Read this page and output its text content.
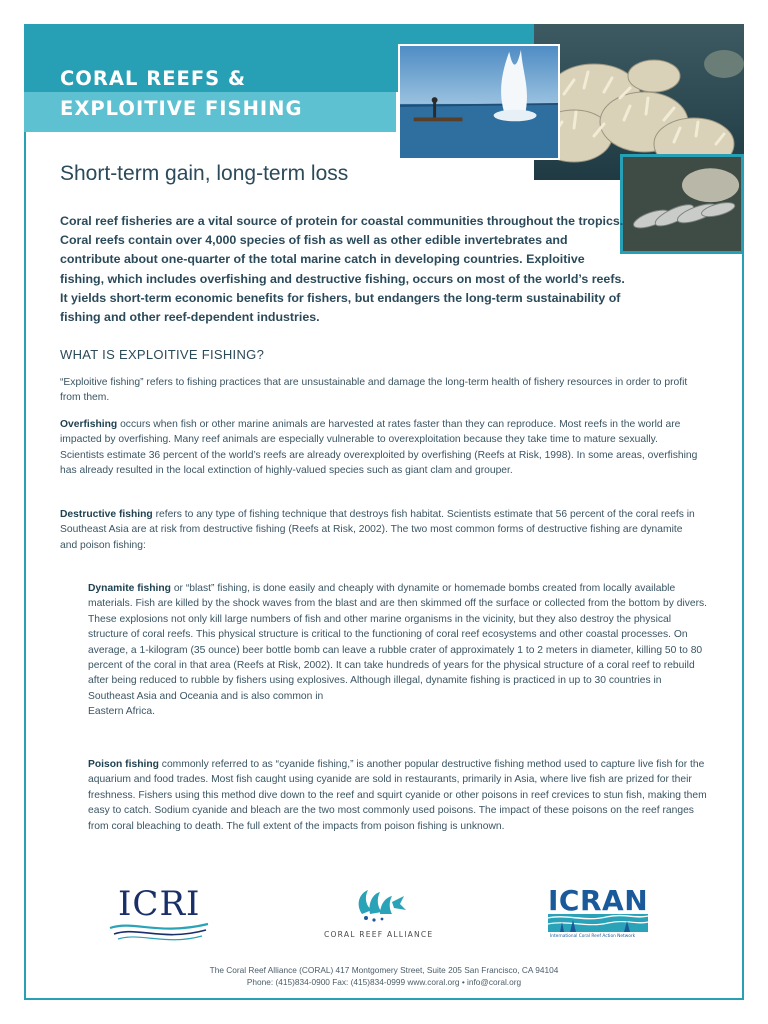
CORAL REEFS &
EXPLOITIVE FISHING
Short-term gain, long-term loss

Coral reef fisheries are a vital source of protein for coastal communities throughout the tropics. Coral reefs contain over 4,000 species of fish as well as other edible invertebrates and contribute about one-quarter of the total marine catch in developing countries. Exploitive fishing, which includes overfishing and destructive fishing, occurs on most of the world’s reefs. It yields short-term economic benefits for fishers, but endangers the long-term sustainability of fishing and other reef-dependent industries.

WHAT IS EXPLOITIVE FISHING?

“Exploitive fishing” refers to fishing practices that are unsustainable and damage the long-term health of fishery resources in order to profit from them.

Overfishing occurs when fish or other marine animals are harvested at rates faster than they can reproduce. Most reefs in the world are impacted by overfishing. Many reef animals are especially vulnerable to overexploitation because they take time to mature sexually. Scientists estimate 36 percent of the world’s reefs are already overexploited by overfishing (Reefs at Risk, 1998). In some areas, overfishing has already resulted in the local extinction of highly-valued species such as giant clam and grouper.

Destructive fishing refers to any type of fishing technique that destroys fish habitat. Scientists estimate that 56 percent of the coral reefs in Southeast Asia are at risk from destructive fishing (Reefs at Risk, 2002). The two most common forms of destructive fishing are dynamite and poison fishing:

Dynamite fishing or “blast” fishing, is done easily and cheaply with dynamite or homemade bombs created from locally available materials. Fish are killed by the shock waves from the blast and are then skimmed off the surface or collected from the bottom by divers. These explosions not only kill large numbers of fish and other marine organisms in the vicinity, but they also destroy the physical structure of coral reefs. This physical structure is critical to the functioning of coral reef ecosystems and other coastal processes. On average, a 1-kilogram (35 ounce) beer bottle bomb can leave a rubble crater of approximately 1 to 2 meters in diameter, killing 50 to 80 percent of the coral in that area (Reefs at Risk, 2002). It can take hundreds of years for the physical structure of a coral reef to rebuild after being reduced to rubble by fishers using explosives. Although illegal, dynamite fishing is practiced in up to 30 countries in Southeast Asia and Oceania and is also common in
Eastern Africa.

Poison fishing commonly referred to as “cyanide fishing,” is another popular destructive fishing method used to capture live fish for the aquarium and food trades. Most fish caught using cyanide are sold in restaurants, primarily in Asia, where live fish are prized for their freshness. Fishers using this method dive down to the reef and squirt cyanide or other poisons in reef crevices to stun fish, making them easy to catch. Sodium cyanide and bleach are the two most commonly used poisons. The impact of these poisons on the reef ranges from coral bleaching to death. The full extent of the impacts from poison fishing is unknown.

ICRI
CORAL REEF ALLIANCE
ICRAN
International Coral Reef Action Network

The Coral Reef Alliance (CORAL) 417 Montgomery Street, Suite 205 San Francisco, CA 94104
Phone: (415)834-0900 Fax: (415)834-0999 www.coral.org • info@coral.org
